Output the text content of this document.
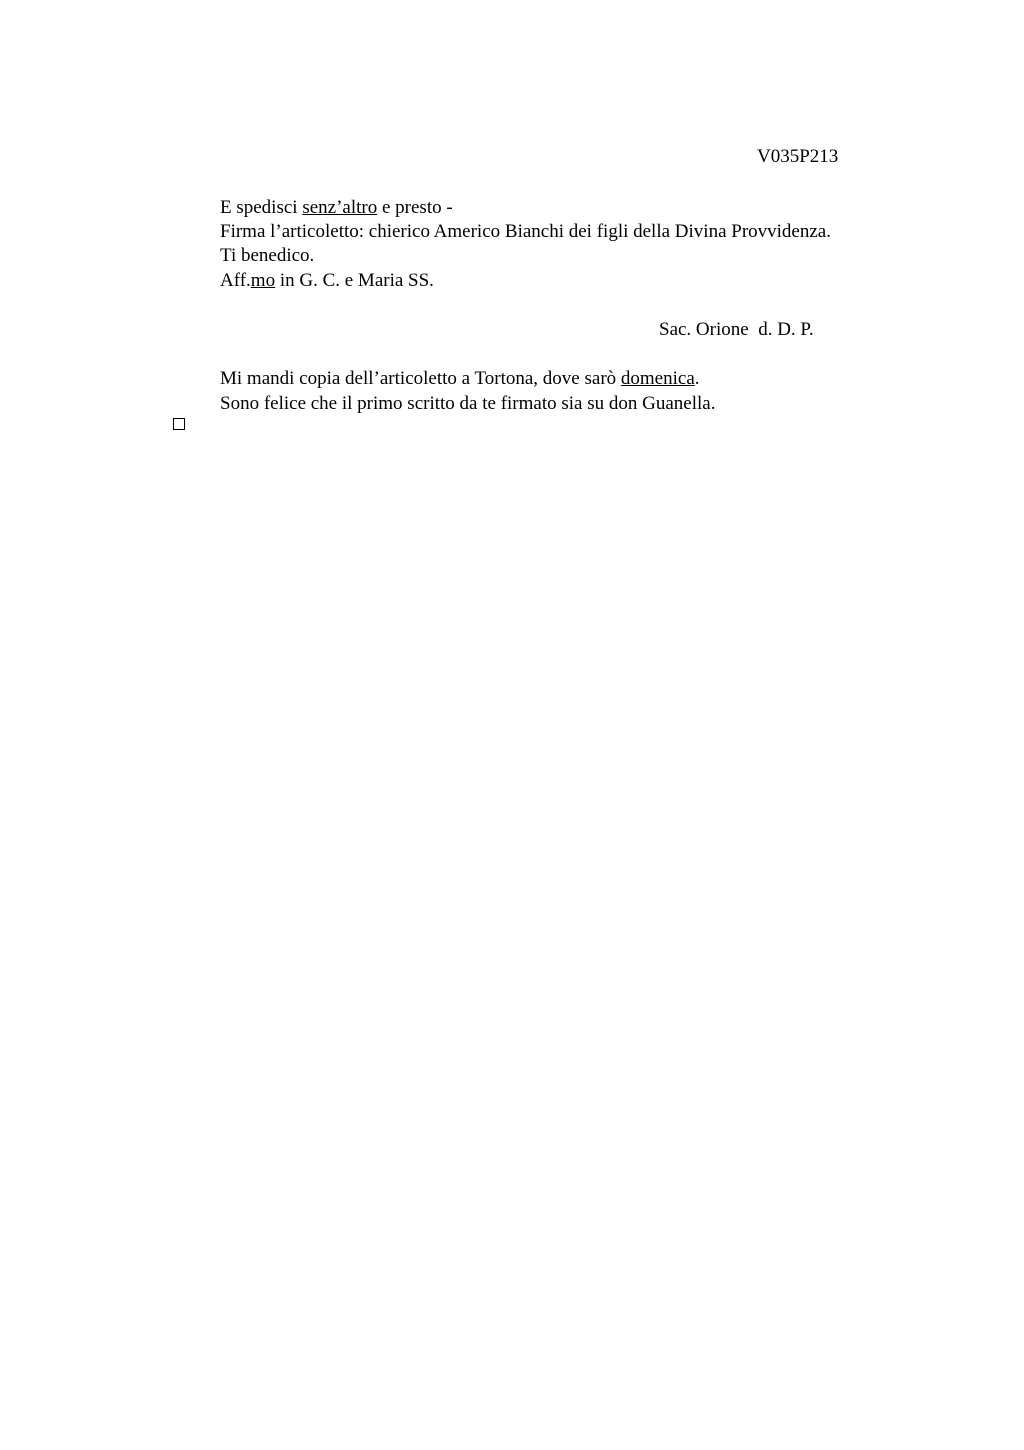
V035P213
E spedisci senz’altro e presto -
Firma l’articoletto: chierico Americo Bianchi dei figli della Divina Provvidenza.
Ti benedico.
Aff.mo in G. C. e Maria SS.
Sac. Orione  d. D. P.
Mi mandi copia dell’articoletto a Tortona, dove sarò domenica.
Sono felice che il primo scritto da te firmato sia su don Guanella.
